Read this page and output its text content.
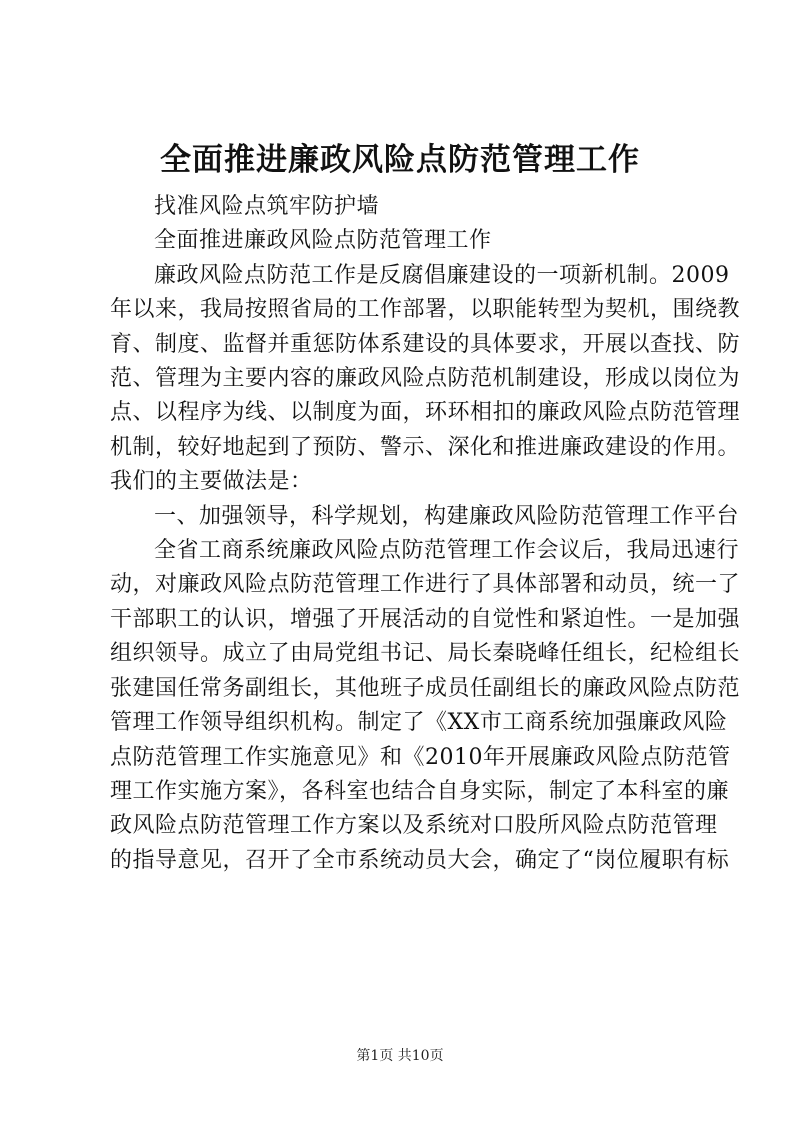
全面推进廉政风险点防范管理工作
找准风险点筑牢防护墙
全面推进廉政风险点防范管理工作
廉政风险点防范工作是反腐倡廉建设的一项新机制。2009
年以来，我局按照省局的工作部署，以职能转型为契机，围绕教
育、制度、监督并重惩防体系建设的具体要求，开展以查找、防
范、管理为主要内容的廉政风险点防范机制建设，形成以岗位为
点、以程序为线、以制度为面，环环相扣的廉政风险点防范管理
机制，较好地起到了预防、警示、深化和推进廉政建设的作用。
我们的主要做法是：
一、加强领导，科学规划，构建廉政风险防范管理工作平台
全省工商系统廉政风险点防范管理工作会议后，我局迅速行
动，对廉政风险点防范管理工作进行了具体部署和动员，统一了
干部职工的认识，增强了开展活动的自觉性和紧迫性。一是加强
组织领导。成立了由局党组书记、局长秦晓峰任组长，纪检组长
张建国任常务副组长，其他班子成员任副组长的廉政风险点防范
管理工作领导组织机构。制定了《XX市工商系统加强廉政风险
点防范管理工作实施意见》和《2010年开展廉政风险点防范管
理工作实施方案》，各科室也结合自身实际，制定了本科室的廉
政风险点防范管理工作方案以及系统对口股所风险点防范管理
的指导意见，召开了全市系统动员大会，确定了“岗位履职有标
第1页 共10页
